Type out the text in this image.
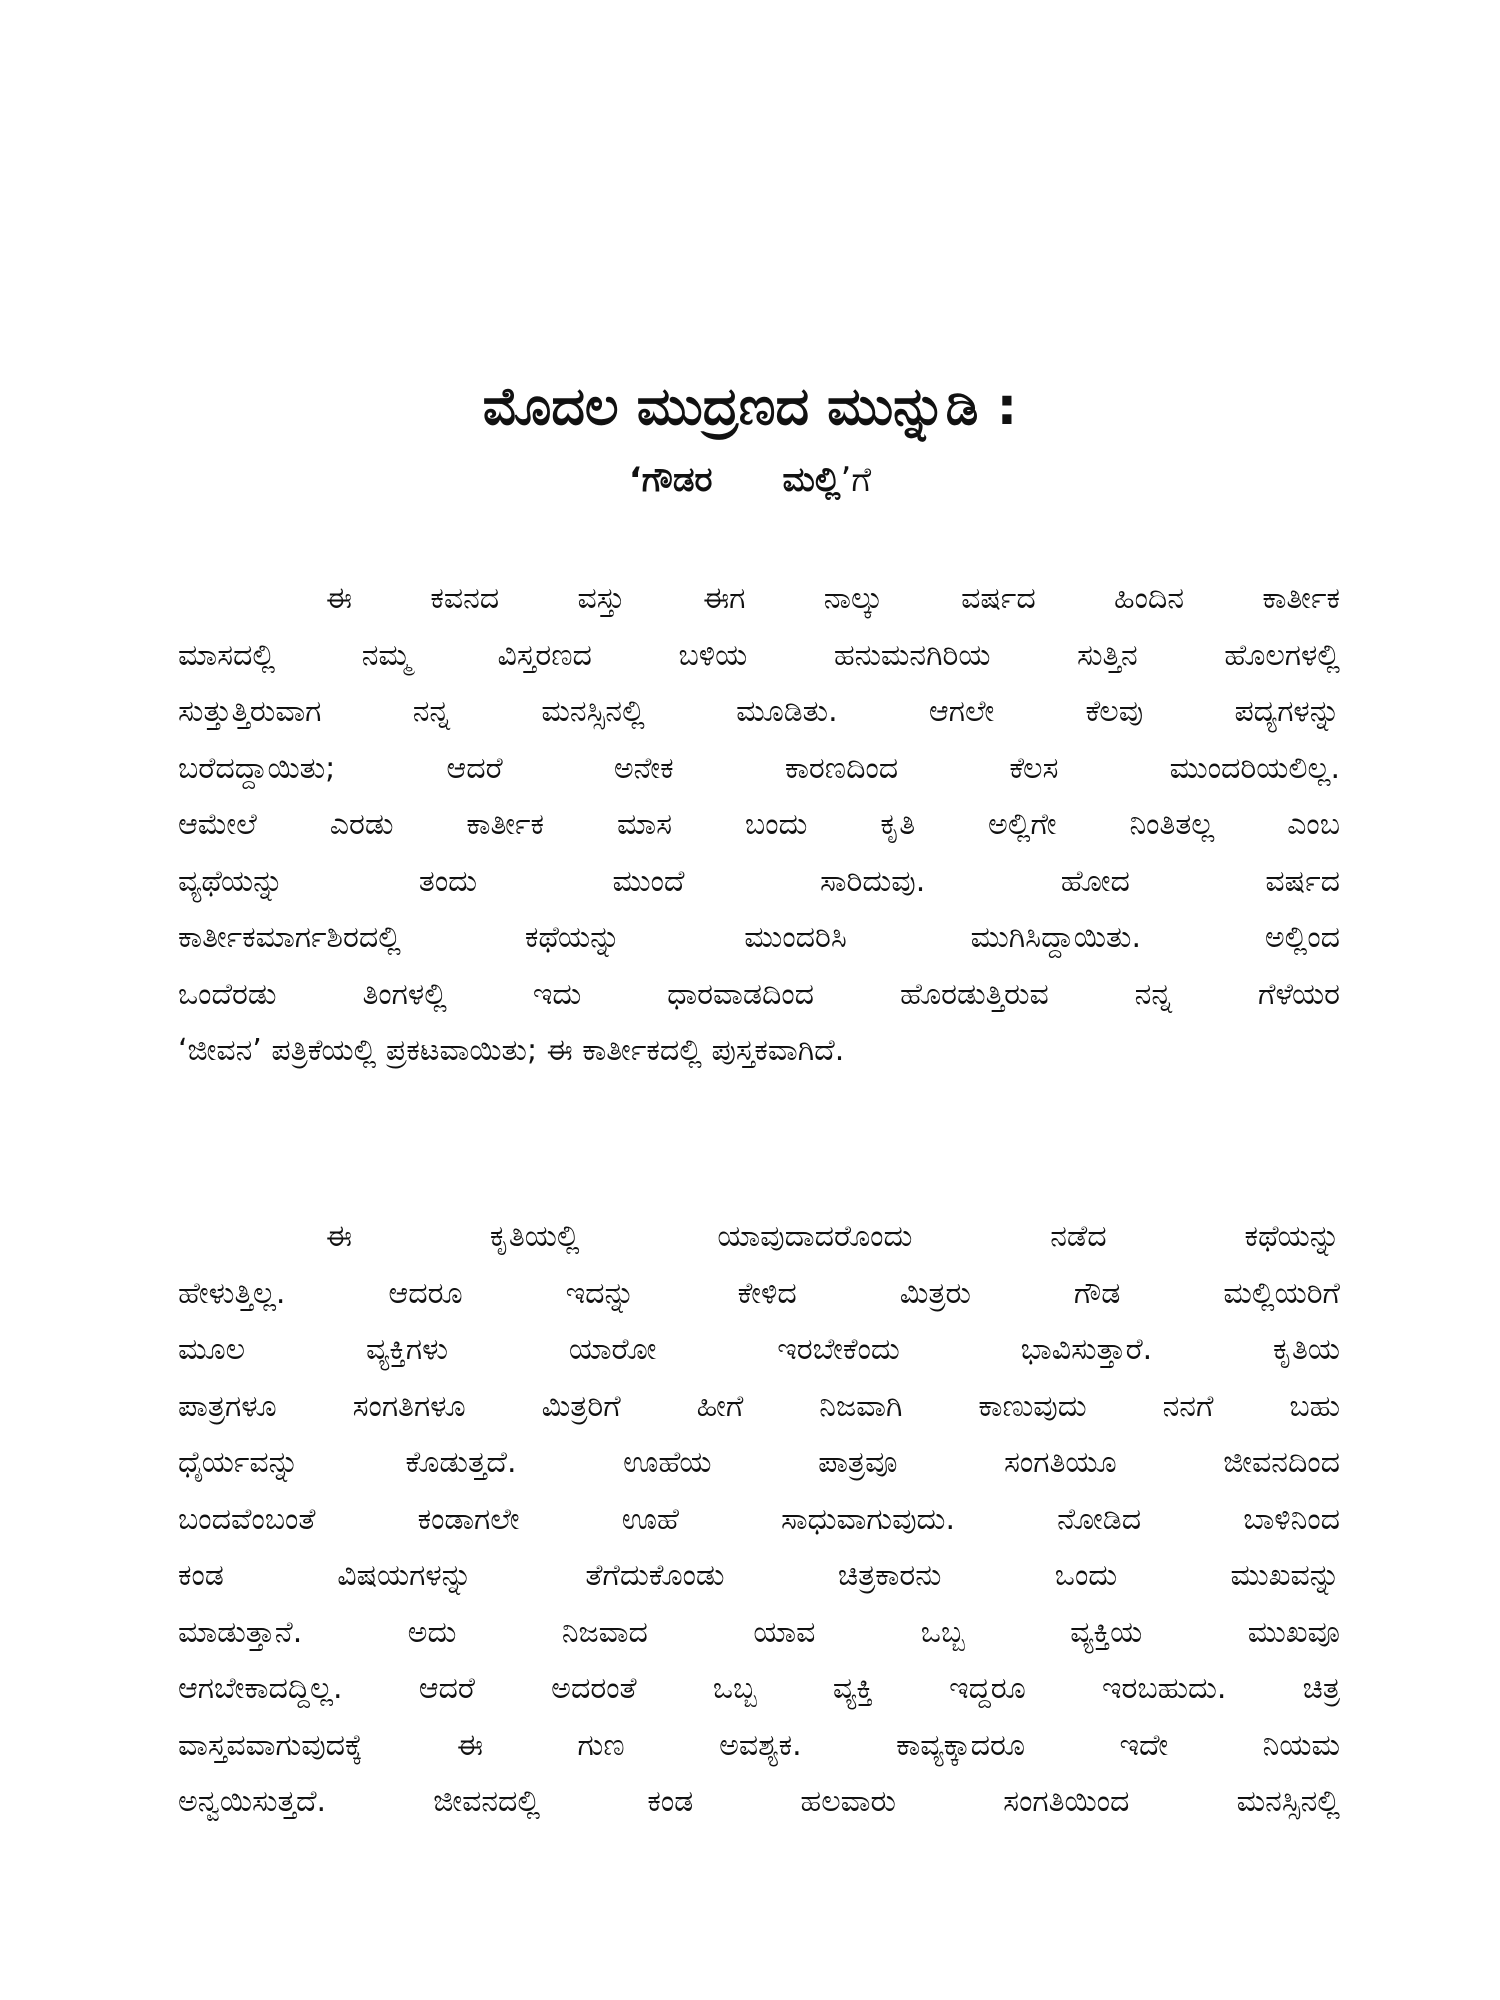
ಮೊದಲ ಮುದ್ರಣದ ಮುನ್ನುಡಿ :

‘ಗೌಡರ ಮಲ್ಲಿ’ಗೆ

ಈ ಕವನದ ವಸ್ತು ಈಗ ನಾಲ್ಕು ವರ್ಷದ ಹಿಂದಿನ ಕಾರ್ತೀಕ
ಮಾಸದಲ್ಲಿ ನಮ್ಮ ವಿಸ್ತರಣದ ಬಳಿಯ ಹನುಮನಗಿರಿಯ ಸುತ್ತಿನ ಹೊಲಗಳಲ್ಲಿ
ಸುತ್ತುತ್ತಿರುವಾಗ ನನ್ನ ಮನಸ್ಸಿನಲ್ಲಿ ಮೂಡಿತು. ಆಗಲೇ ಕೆಲವು ಪದ್ಯಗಳನ್ನು
ಬರೆದದ್ದಾಯಿತು; ಆದರೆ ಅನೇಕ ಕಾರಣದಿಂದ ಕೆಲಸ ಮುಂದರಿಯಲಿಲ್ಲ.
ಆಮೇಲೆ ಎರಡು ಕಾರ್ತೀಕ ಮಾಸ ಬಂದು ಕೃತಿ ಅಲ್ಲಿಗೇ ನಿಂತಿತಲ್ಲ ಎಂಬ
ವ್ಯಥೆಯನ್ನು ತಂದು ಮುಂದೆ ಸಾರಿದುವು. ಹೋದ ವರ್ಷದ
ಕಾರ್ತೀಕಮಾರ್ಗಶಿರದಲ್ಲಿ ಕಥೆಯನ್ನು ಮುಂದರಿಸಿ ಮುಗಿಸಿದ್ದಾಯಿತು. ಅಲ್ಲಿಂದ
ಒಂದೆರಡು ತಿಂಗಳಲ್ಲಿ ಇದು ಧಾರವಾಡದಿಂದ ಹೊರಡುತ್ತಿರುವ ನನ್ನ ಗೆಳೆಯರ
‘ಜೀವನ’ ಪತ್ರಿಕೆಯಲ್ಲಿ ಪ್ರಕಟವಾಯಿತು; ಈ ಕಾರ್ತೀಕದಲ್ಲಿ ಪುಸ್ತಕವಾಗಿದೆ.
ಈ ಕೃತಿಯಲ್ಲಿ ಯಾವುದಾದರೊಂದು ನಡೆದ ಕಥೆಯನ್ನು
ಹೇಳುತ್ತಿಲ್ಲ. ಆದರೂ ಇದನ್ನು ಕೇಳಿದ ಮಿತ್ರರು ಗೌಡ ಮಲ್ಲಿಯರಿಗೆ
ಮೂಲ ವ್ಯಕ್ತಿಗಳು ಯಾರೋ ಇರಬೇಕೆಂದು ಭಾವಿಸುತ್ತಾರೆ. ಕೃತಿಯ
ಪಾತ್ರಗಳೂ ಸಂಗತಿಗಳೂ ಮಿತ್ರರಿಗೆ ಹೀಗೆ ನಿಜವಾಗಿ ಕಾಣುವುದು ನನಗೆ ಬಹು
ಧೈರ್ಯವನ್ನು ಕೊಡುತ್ತದೆ. ಊಹೆಯ ಪಾತ್ರವೂ ಸಂಗತಿಯೂ ಜೀವನದಿಂದ
ಬಂದವೆಂಬಂತೆ ಕಂಡಾಗಲೇ ಊಹೆ ಸಾಧುವಾಗುವುದು. ನೋಡಿದ ಬಾಳಿನಿಂದ
ಕಂಡ ವಿಷಯಗಳನ್ನು ತೆಗೆದುಕೊಂಡು ಚಿತ್ರಕಾರನು ಒಂದು ಮುಖವನ್ನು
ಮಾಡುತ್ತಾನೆ. ಅದು ನಿಜವಾದ ಯಾವ ಒಬ್ಬ ವ್ಯಕ್ತಿಯ ಮುಖವೂ
ಆಗಬೇಕಾದದ್ದಿಲ್ಲ. ಆದರೆ ಅದರಂತೆ ಒಬ್ಬ ವ್ಯಕ್ತಿ ಇದ್ದರೂ ಇರಬಹುದು. ಚಿತ್ರ
ವಾಸ್ತವವಾಗುವುದಕ್ಕೆ ಈ ಗುಣ ಅವಶ್ಯಕ. ಕಾವ್ಯಕ್ಕಾದರೂ ಇದೇ ನಿಯಮ
ಅನ್ವಯಿಸುತ್ತದೆ. ಜೀವನದಲ್ಲಿ ಕಂಡ ಹಲವಾರು ಸಂಗತಿಯಿಂದ ಮನಸ್ಸಿನಲ್ಲಿ
